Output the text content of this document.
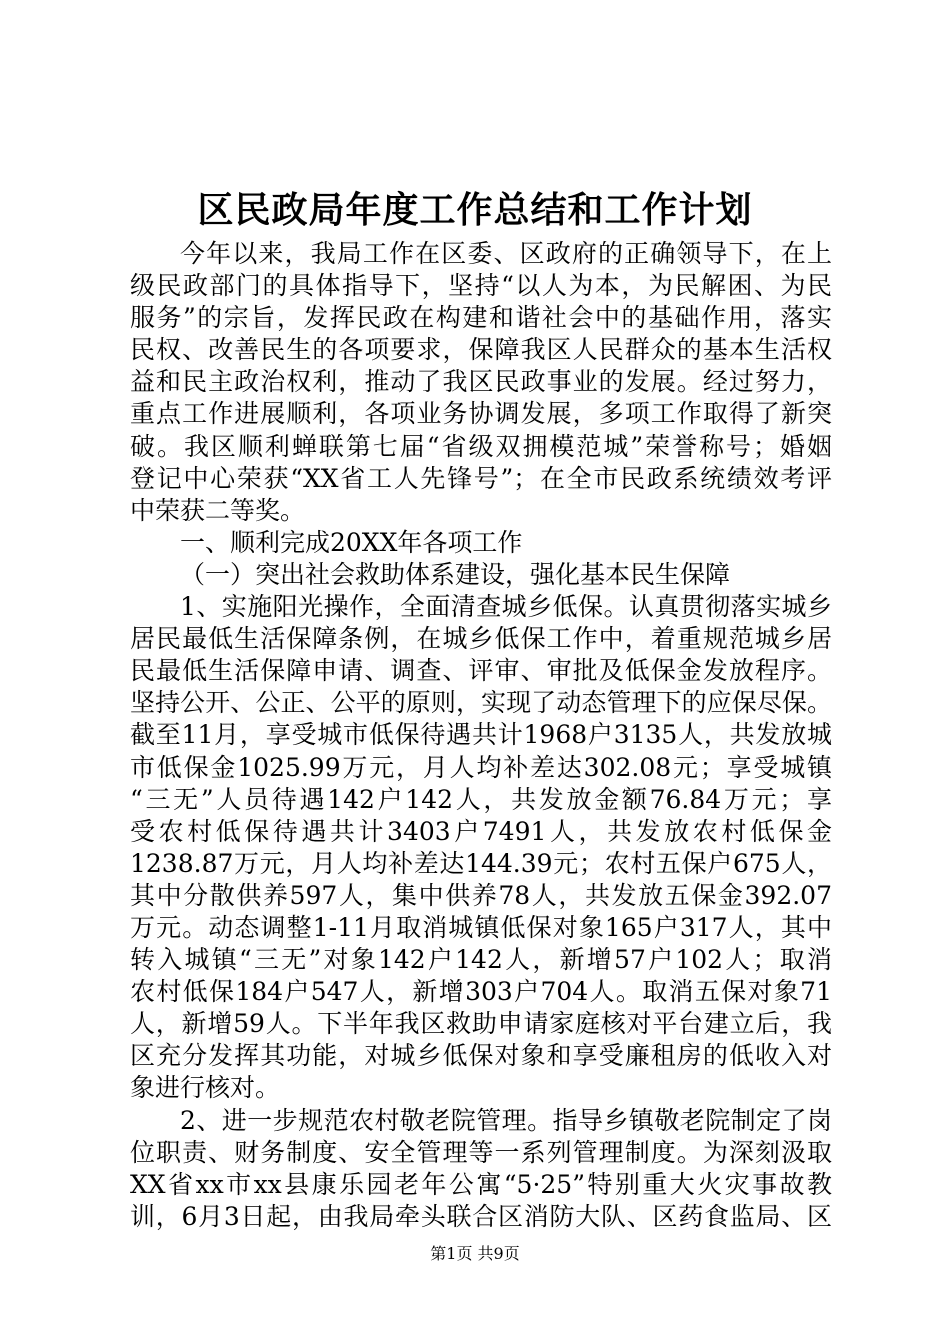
区民政局年度工作总结和工作计划
今年以来，我局工作在区委、区政府的正确领导下，在上
级民政部门的具体指导下，坚持“以人为本，为民解困、为民
服务”的宗旨，发挥民政在构建和谐社会中的基础作用，落实
民权、改善民生的各项要求，保障我区人民群众的基本生活权
益和民主政治权利，推动了我区民政事业的发展。经过努力，
重点工作进展顺利，各项业务协调发展，多项工作取得了新突
破。我区顺利蝉联第七届“省级双拥模范城”荣誉称号；婚姻
登记中心荣获“XX省工人先锋号”；在全市民政系统绩效考评
中荣获二等奖。
一、顺利完成20XX年各项工作
（一）突出社会救助体系建设，强化基本民生保障
1、实施阳光操作，全面清查城乡低保。认真贯彻落实城乡
居民最低生活保障条例，在城乡低保工作中，着重规范城乡居
民最低生活保障申请、调查、评审、审批及低保金发放程序。
坚持公开、公正、公平的原则，实现了动态管理下的应保尽保。
截至11月，享受城市低保待遇共计1968户3135人，共发放城
市低保金1025.99万元，月人均补差达302.08元；享受城镇
“三无”人员待遇142户142人，共发放金额76.84万元；享
受农村低保待遇共计3403户7491人，共发放农村低保金
1238.87万元，月人均补差达144.39元；农村五保户675人，
其中分散供养597人，集中供养78人，共发放五保金392.07
万元。动态调整1-11月取消城镇低保对象165户317人，其中
转入城镇“三无”对象142户142人，新增57户102人；取消
农村低保184户547人，新增303户704人。取消五保对象71
人，新增59人。下半年我区救助申请家庭核对平台建立后，我
区充分发挥其功能，对城乡低保对象和享受廉租房的低收入对
象进行核对。
2、进一步规范农村敬老院管理。指导乡镇敬老院制定了岗
位职责、财务制度、安全管理等一系列管理制度。为深刻汲取
XX省xx市xx县康乐园老年公寓“5·25”特别重大火灾事故教
训，6月3日起，由我局牵头联合区消防大队、区药食监局、区
第1页 共9页
